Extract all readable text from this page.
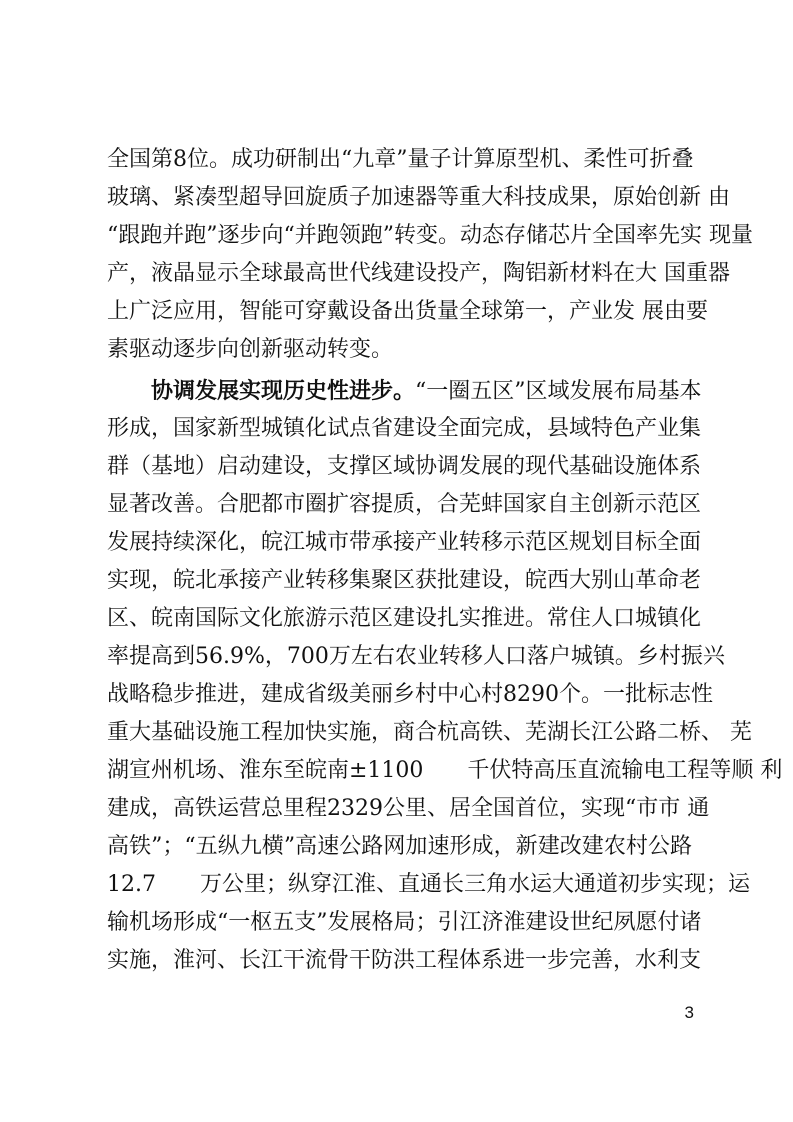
全国第8位。成功研制出“九章”量子计算原型机、柔性可折叠
玻璃、紧凑型超导回旋质子加速器等重大科技成果，原始创新 由
“跟跑并跑”逐步向“并跑领跑”转变。动态存储芯片全国率先实 现量
产，液晶显示全球最高世代线建设投产，陶铝新材料在大 国重器
上广泛应用，智能可穿戴设备出货量全球第一，产业发 展由要
素驱动逐步向创新驱动转变。
协调发展实现历史性进步。“一圈五区”区域发展布局基本
形成，国家新型城镇化试点省建设全面完成，县域特色产业集
群（基地）启动建设，支撑区域协调发展的现代基础设施体系
显著改善。合肥都市圈扩容提质，合芜蚌国家自主创新示范区
发展持续深化，皖江城市带承接产业转移示范区规划目标全面
实现，皖北承接产业转移集聚区获批建设，皖西大别山革命老
区、皖南国际文化旅游示范区建设扎实推进。常住人口城镇化
率提高到56.9%，700万左右农业转移人口落户城镇。乡村振兴
战略稳步推进，建成省级美丽乡村中心村8290个。一批标志性
重大基础设施工程加快实施，商合杭高铁、芜湖长江公路二桥、 芜
湖宣州机场、淮东至皖南±1100　　千伏特高压直流输电工程等顺 利
建成，高铁运营总里程2329公里、居全国首位，实现“市市 通
高铁”；“五纵九横”高速公路网加速形成，新建改建农村公路
12.7　　万公里；纵穿江淮、直通长三角水运大通道初步实现；运
输机场形成“一枢五支”发展格局；引江济淮建设世纪夙愿付诸
实施，淮河、长江干流骨干防洪工程体系进一步完善，水利支
3
